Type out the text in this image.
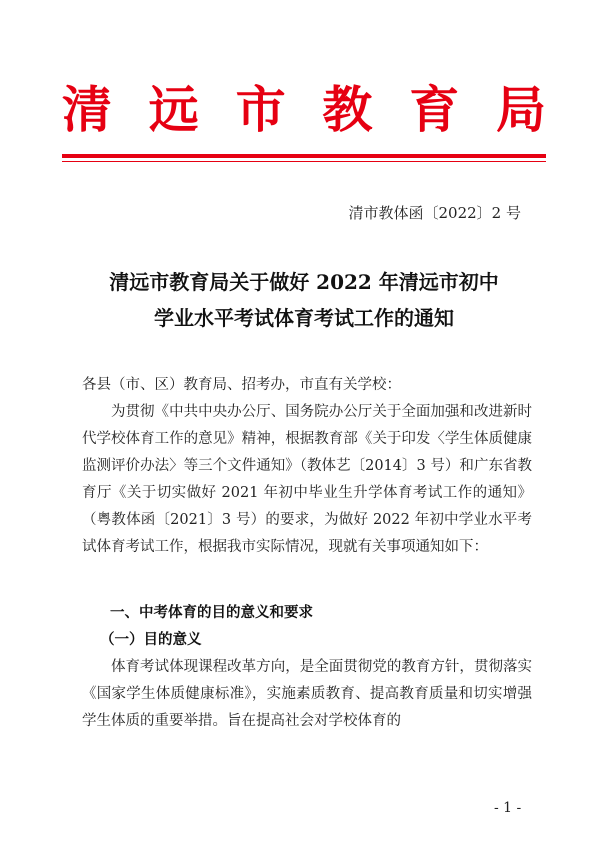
清 远 市 教 育 局
清市教体函〔2022〕2 号
清远市教育局关于做好 2022 年清远市初中
学业水平考试体育考试工作的通知
各县（市、区）教育局、招考办，市直有关学校：
为贯彻《中共中央办公厅、国务院办公厅关于全面加强和改进新时代学校体育工作的意见》精神，根据教育部《关于印发〈学生体质健康监测评价办法〉等三个文件通知》（教体艺〔2014〕3 号）和广东省教育厅《关于切实做好 2021 年初中毕业生升学体育考试工作的通知》（粤教体函〔2021〕3 号）的要求，为做好 2022 年初中学业水平考试体育考试工作，根据我市实际情况，现就有关事项通知如下：
一、中考体育的目的意义和要求
（一）目的意义
体育考试体现课程改革方向，是全面贯彻党的教育方针，贯彻落实《国家学生体质健康标准》，实施素质教育、提高教育质量和切实增强学生体质的重要举措。旨在提高社会对学校体育的
- 1 -
